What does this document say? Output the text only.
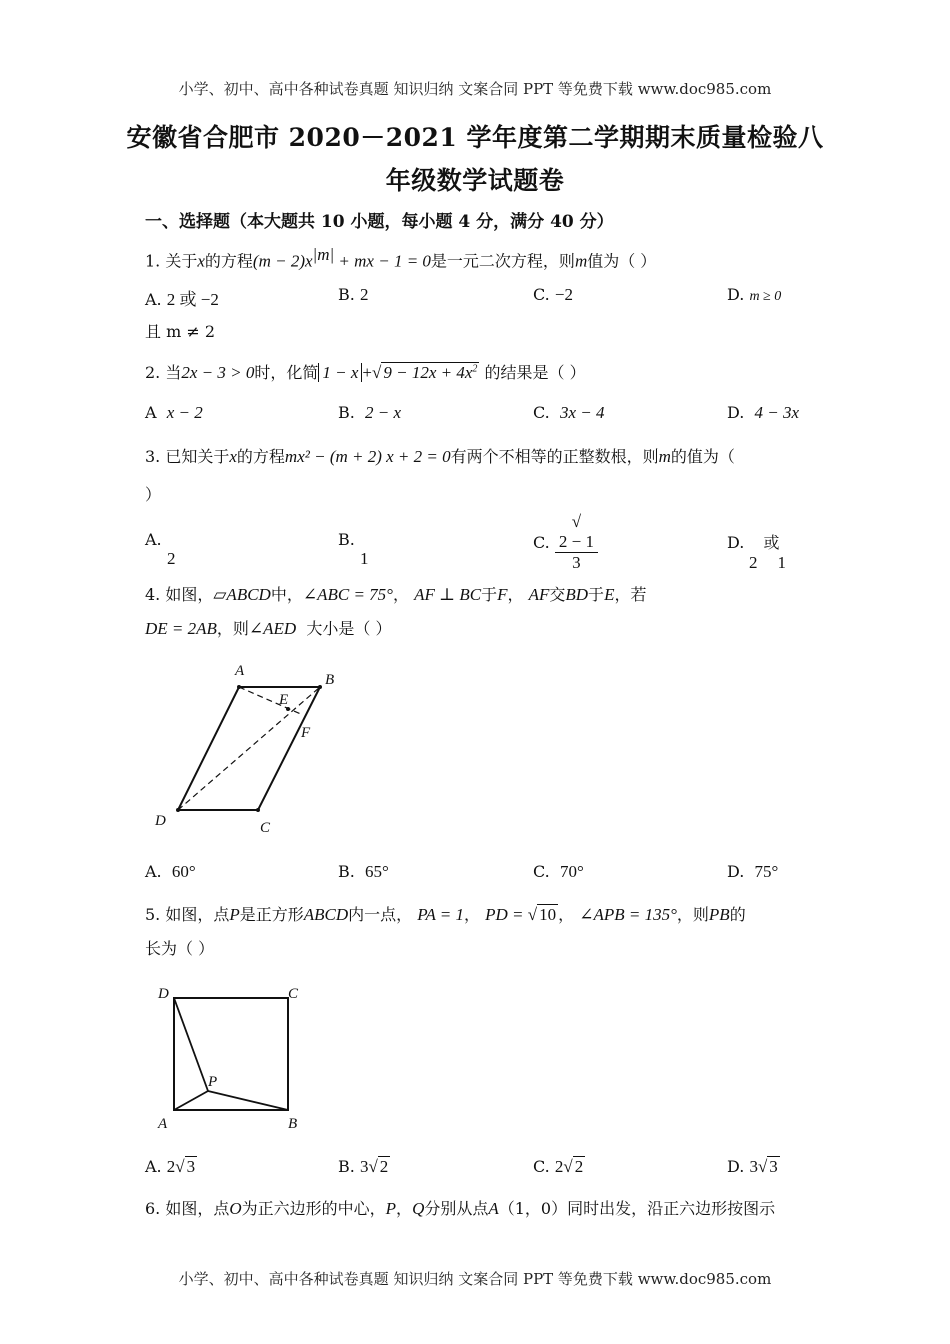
小学、初中、高中各种试卷真题 知识归纳 文案合同 PPT 等免费下载 www.doc985.com
小学、初中、高中各种试卷真题 知识归纳 文案合同 PPT 等免费下载 www.doc985.com
安徽省合肥市 2020－2021 学年度第二学期期末质量检验八
年级数学试题卷
一、选择题（本大题共 10 小题，每小题 4 分，满分 40 分）
1. 关于x的方程$(m - 2)x^{|m|}$ + mx − 1 = 0是一元二次方程，则m值为（ ）
A. 2 或 −2	B. 2	C. −2	D. m ≥ 0
且 m ≠ 2
2. 当2x − 3 > 0时，化简 1 − x +√ $9 - 12x + 4x^2$ 的结果是（ ）
A x − 2	B. 2 − x	C. 3x − 4	D. 4 − 3x
3. 已知关于x的方程mx² − (m + 2) x + 2 = 0有两个不相等的正整数根，则m的值为（
）
A.
2
B.
1
C. √
2 − 1
3	D. 或
2 1
4. 如图，▱ABCD中，∠ABC = 75°， AF ⊥ BC于F， AF交BD于E，若
DE = 2AB，则∠AED 大小是（ ）
A
B
C
D
E
F
A. 60°	B. 65°	C. 70°	D. 75°
5. 如图，点P是正方形ABCD内一点， PA = 1， PD = √ 10 ， ∠APB = 135°，则PB的
长为（ ）
D	C
A	B
P
A. 2√ 3	B. 3√ 2	C. 2√ 2	D. 3√ 3
6. 如图，点O为正六边形的中心，P，Q分别从点A（1，0）同时出发，沿正六边形按图示
